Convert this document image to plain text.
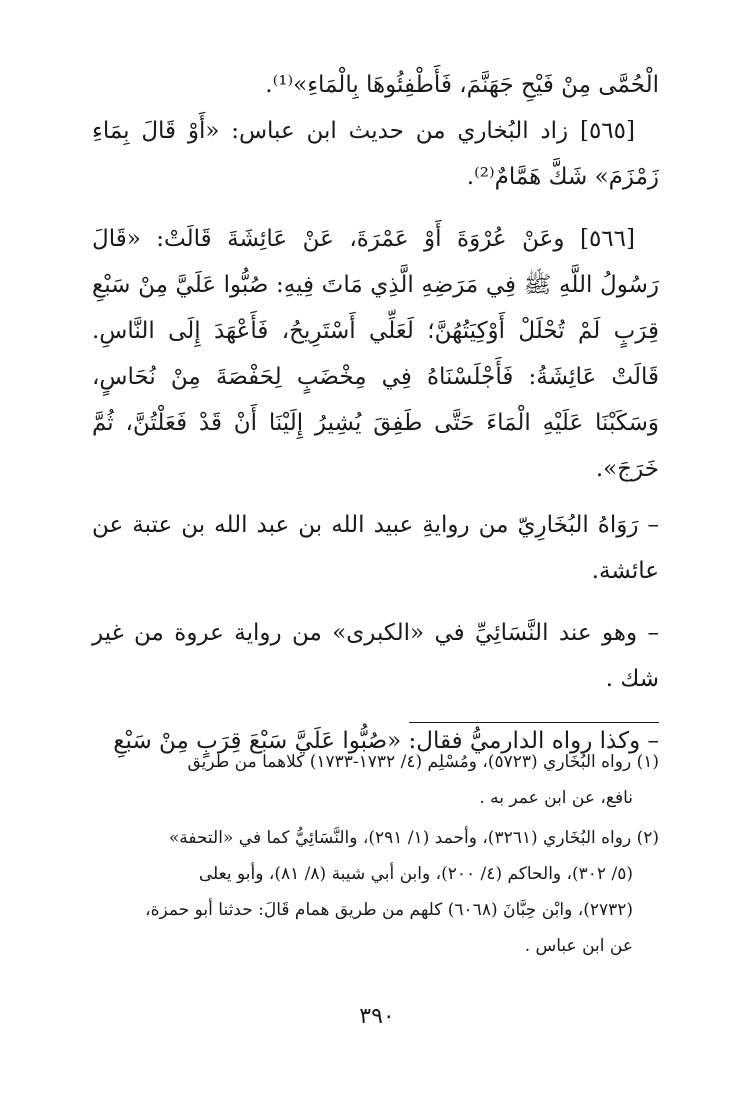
الْحُمَّى مِنْ فَيْحِ جَهَنَّمَ، فَأَطْفِئُوهَا بِالْمَاءِ»⁽¹⁾.

[٥٦٥] زاد البُخاري من حديث ابن عباس: «أَوْ قَالَ بِمَاءِ زَمْزَمَ» شَكَّ هَمَّامٌ⁽²⁾.

[٥٦٦] وعَنْ عُرْوَةَ أَوْ عَمْرَةَ، عَنْ عَائِشَةَ قَالَتْ: «قَالَ رَسُولُ اللَّهِ ﷺ فِي مَرَضِهِ الَّذِي مَاتَ فِيهِ: صُبُّوا عَلَيَّ مِنْ سَبْعِ قِرَبٍ لَمْ تُحْلَلْ أَوْكِيَتُهُنَّ؛ لَعَلِّي أَسْتَرِيحُ، فَأَعْهَدَ إِلَى النَّاسِ. قَالَتْ عَائِشَةُ: فَأَجْلَسْنَاهُ فِي مِخْضَبٍ لِحَفْصَةَ مِنْ نُحَاسٍ، وَسَكَبْنَا عَلَيْهِ الْمَاءَ حَتَّى طَفِقَ يُشِيرُ إِلَيْنَا أَنْ قَدْ فَعَلْتُنَّ، ثُمَّ خَرَجَ».

– رَوَاهُ البُخَارِيّ من روايةِ عبيد الله بن عبد الله بن عتبة عن عائشة.

– وهو عند النَّسَائِيِّ في «الكبرى» من رواية عروة من غير شك .

– وكذا رواه الدارميُّ فقال: «صُبُّوا عَلَيَّ سَبْعَ قِرَبٍ مِنْ سَبْعِ

(١) رواه البُخَاري (٥٧٢٣)، ومُسْلِم (٤/ ١٧٣٢-١٧٣٣) كلاهما من طريق
نافع، عن ابن عمر به .
(٢) رواه البُخَاري (٣٢٦١)، وأحمد (١/ ٢٩١)، والنَّسَائِيُّ كما في «التحفة»
(٥/ ٣٠٢)، والحاكم (٤/ ٢٠٠)، وابن أبي شيبة (٨/ ٨١)، وأبو يعلى
(٢٧٣٢)، وابْن حِبَّانَ (٦٠٦٨) كلهم من طريق همام قَالَ: حدثنا أبو حمزة،
عن ابن عباس .
٣٩٠
